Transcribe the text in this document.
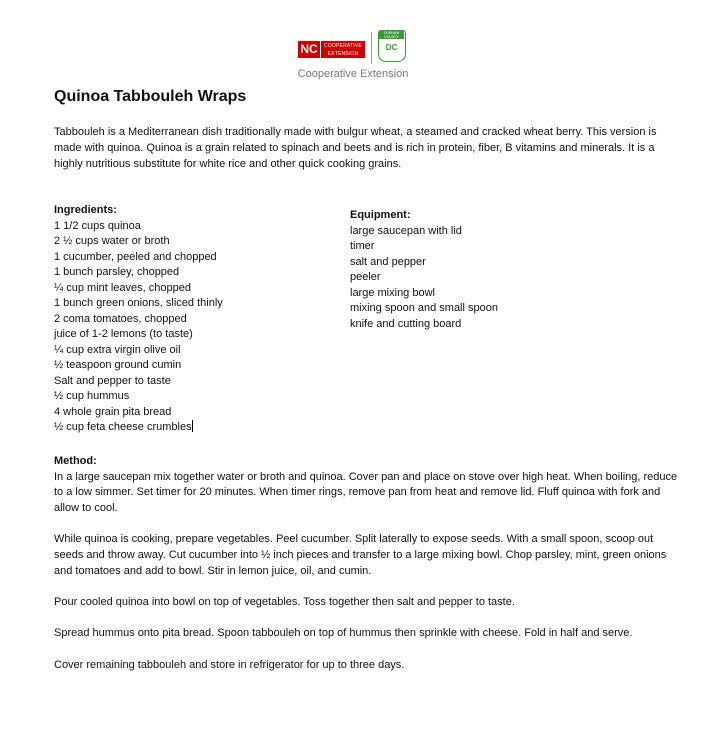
NC	COOPERATIVE EXTENSION
DURHAM COUNTY
DC
Cooperative Extension
Quinoa Tabbouleh Wraps
Tabbouleh is a Mediterranean dish traditionally made with bulgur wheat, a steamed and cracked wheat berry. This version is made with quinoa. Quinoa is a grain related to spinach and beets and is rich in protein, fiber, B vitamins and minerals. It is a highly nutritious substitute for white rice and other quick cooking grains.
Ingredients:
1 1/2 cups quinoa
2 ½ cups water or broth
1 cucumber, peeled and chopped
1 bunch parsley, chopped
¼ cup mint leaves, chopped
1 bunch green onions, sliced thinly
2 coma tomatoes, chopped
juice of 1-2 lemons (to taste)
¼ cup extra virgin olive oil
½ teaspoon ground cumin
Salt and pepper to taste
½ cup hummus
4 whole grain pita bread
½ cup feta cheese crumbles
Equipment:
large saucepan with lid
timer
salt and pepper
peeler
large mixing bowl
mixing spoon and small spoon
knife and cutting board
Method:

In a large saucepan mix together water or broth and quinoa. Cover pan and place on stove over high heat. When boiling, reduce to a low simmer. Set timer for 20 minutes. When timer rings, remove pan from heat and remove lid. Fluff quinoa with fork and allow to cool.

While quinoa is cooking, prepare vegetables. Peel cucumber. Split laterally to expose seeds. With a small spoon, scoop out seeds and throw away. Cut cucumber into ½ inch pieces and transfer to a large mixing bowl. Chop parsley, mint, green onions and tomatoes and add to bowl. Stir in lemon juice, oil, and cumin.

Pour cooled quinoa into bowl on top of vegetables. Toss together then salt and pepper to taste.

Spread hummus onto pita bread. Spoon tabbouleh on top of hummus then sprinkle with cheese. Fold in half and serve.

Cover remaining tabbouleh and store in refrigerator for up to three days.
